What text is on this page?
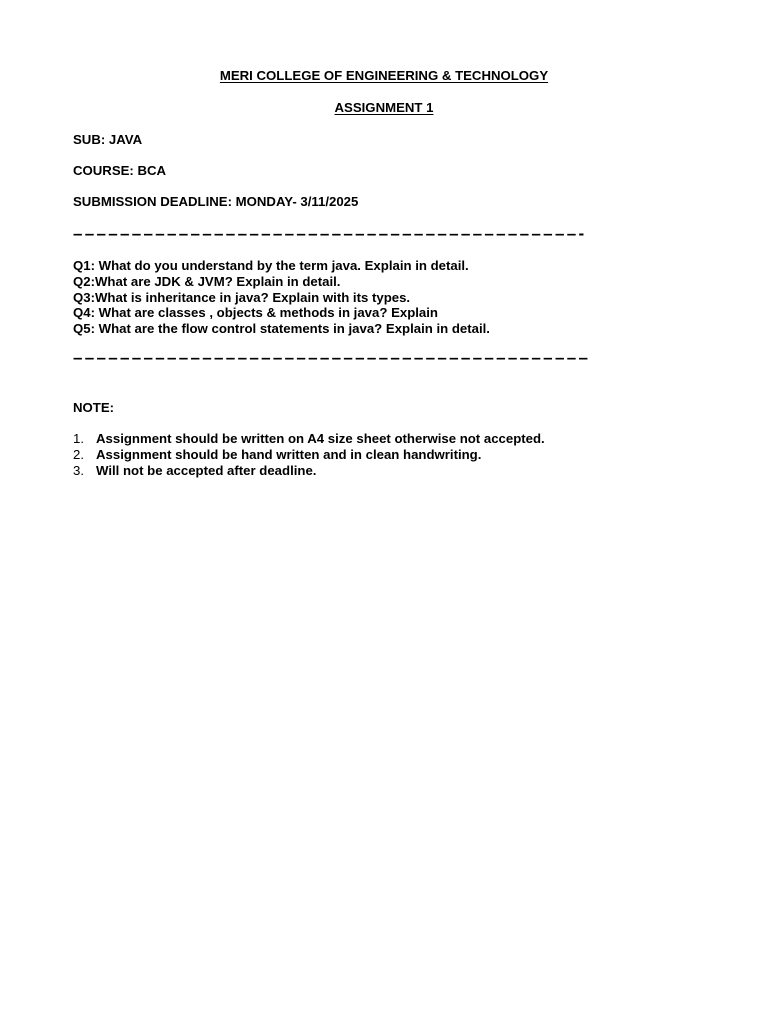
MERI COLLEGE OF ENGINEERING & TECHNOLOGY
ASSIGNMENT 1
SUB: JAVA
COURSE: BCA
SUBMISSION DEADLINE: MONDAY- 3/11/2025
–––––––––––––––––––––––––––––––––––––––––––-
Q1: What do you understand by the term java. Explain in detail.
Q2:What are JDK & JVM? Explain in detail.
Q3:What is inheritance in java? Explain with its types.
Q4: What are classes , objects & methods in java? Explain
Q5: What are the flow control statements in java? Explain in detail.
––––––––––––––––––––––––––––––––––––––––––––
NOTE:
1. Assignment should be written on A4 size sheet otherwise not accepted.
2. Assignment should be hand written and in clean handwriting.
3. Will not be accepted after deadline.
